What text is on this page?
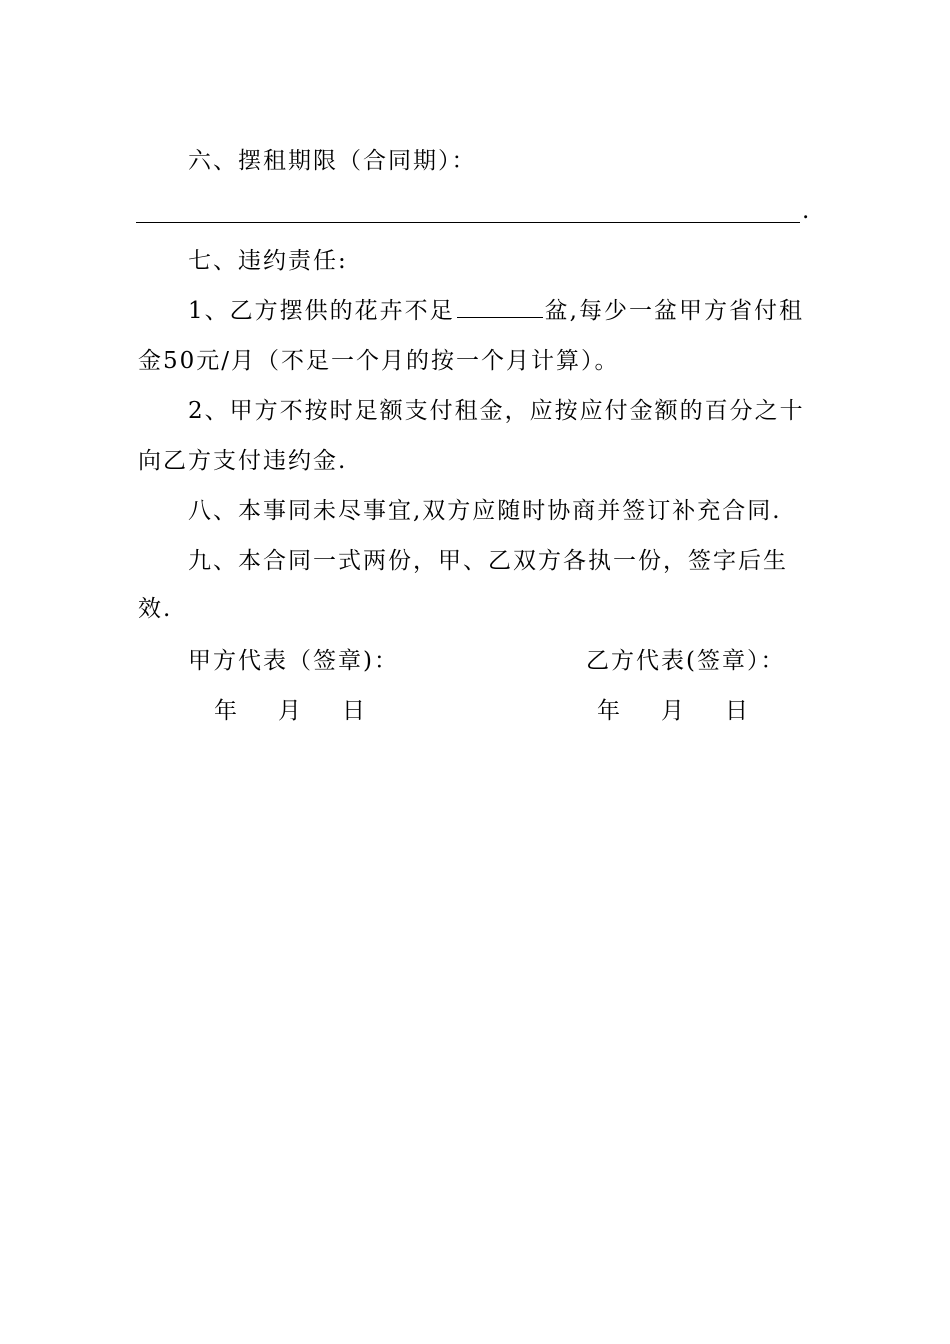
六、摆租期限（合同期）：
.
七、违约责任:
1、乙方摆供的花卉不足	盆,每少一盆甲方省付租
金50元/月（不足一个月的按一个月计算）。
2、甲方不按时足额支付租金，应按应付金额的百分之十
向乙方支付违约金.
八、本事同未尽事宜,双方应随时协商并签订补充合同.
九、本合同一式两份，甲、乙双方各执一份，签字后生
效.
甲方代表（签章)：	乙方代表(签章）：
年 月 日	年 月 日
